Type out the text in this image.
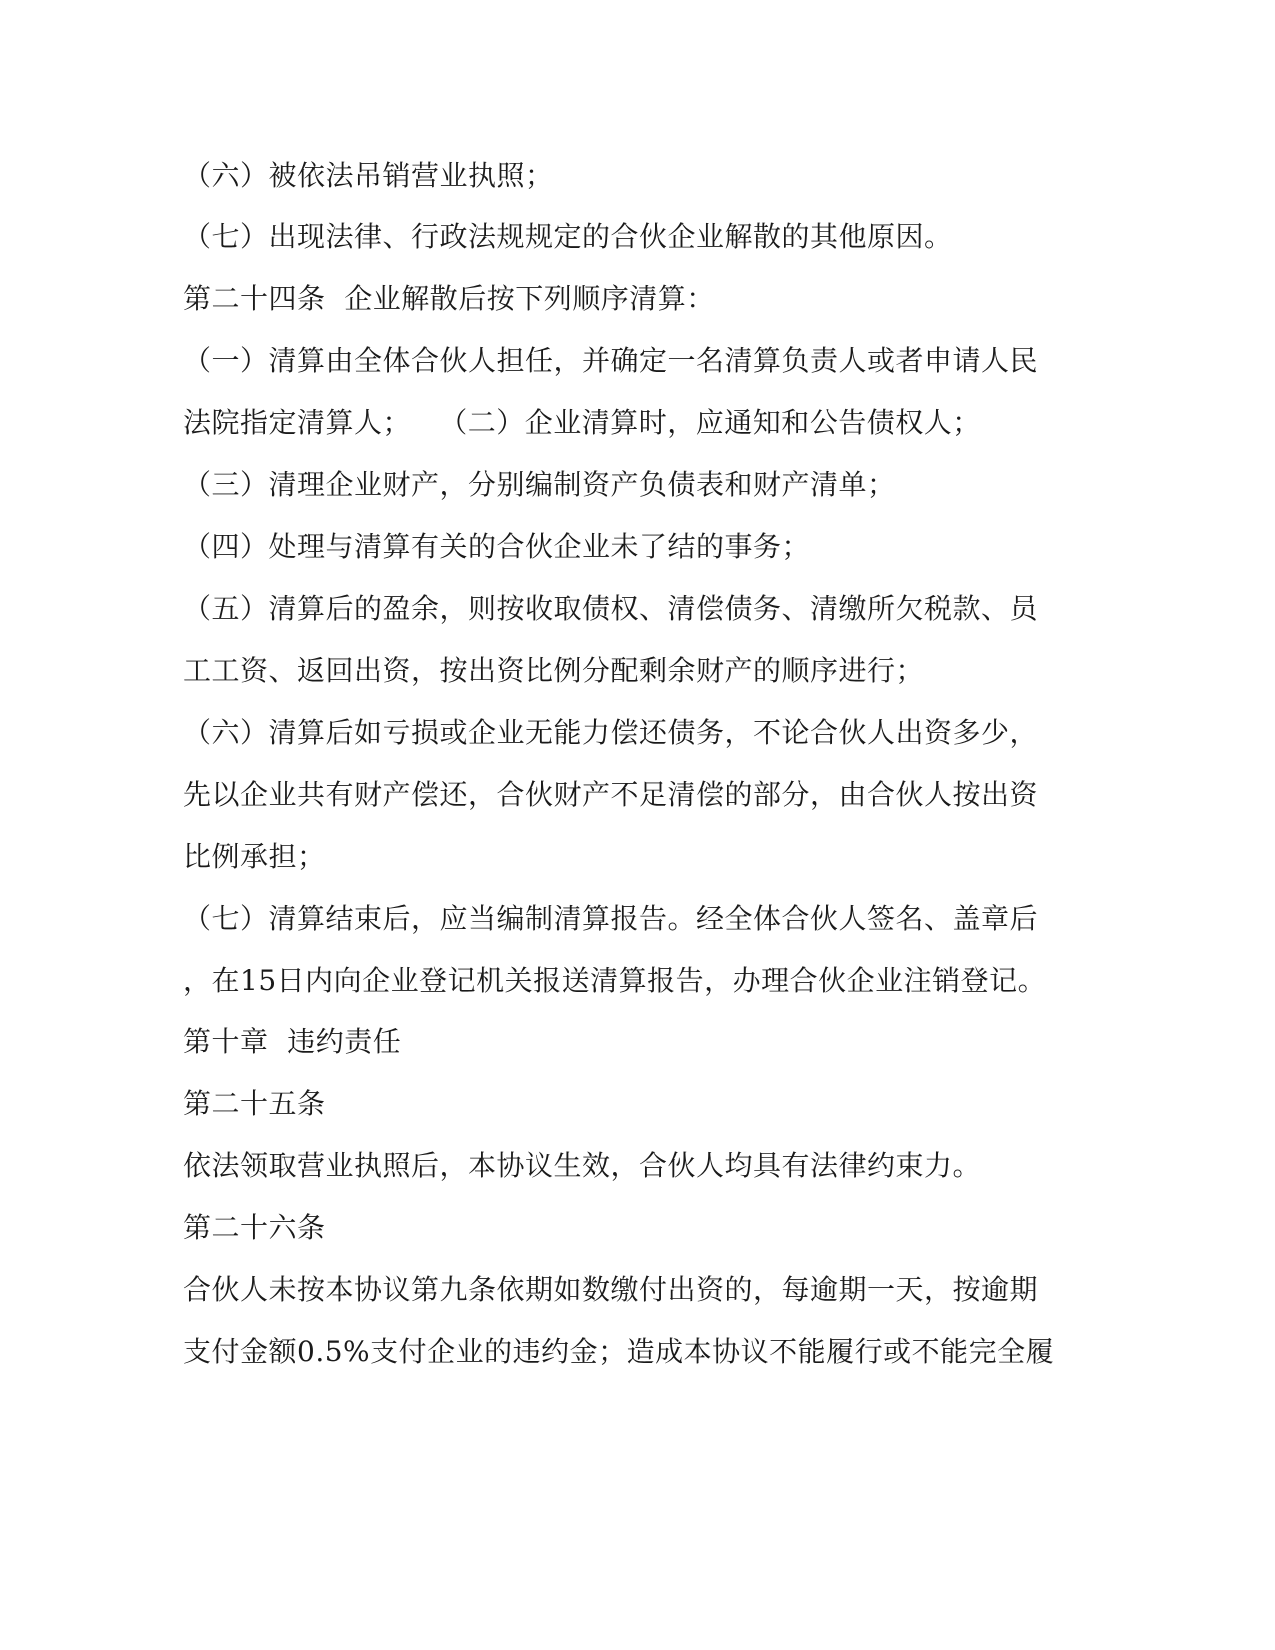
（六）被依法吊销营业执照；
（七）出现法律、行政法规规定的合伙企业解散的其他原因。
第二十四条  企业解散后按下列顺序清算：
（一）清算由全体合伙人担任，并确定一名清算负责人或者申请人民
法院指定清算人；   （二）企业清算时，应通知和公告债权人；
（三）清理企业财产，分别编制资产负债表和财产清单；
（四）处理与清算有关的合伙企业未了结的事务；
（五）清算后的盈余，则按收取债权、清偿债务、清缴所欠税款、员
工工资、返回出资，按出资比例分配剩余财产的顺序进行；
（六）清算后如亏损或企业无能力偿还债务，不论合伙人出资多少，
先以企业共有财产偿还，合伙财产不足清偿的部分，由合伙人按出资
比例承担；
（七）清算结束后，应当编制清算报告。经全体合伙人签名、盖章后
，在15日内向企业登记机关报送清算报告，办理合伙企业注销登记。
第十章  违约责任
第二十五条
依法领取营业执照后，本协议生效，合伙人均具有法律约束力。
第二十六条
合伙人未按本协议第九条依期如数缴付出资的，每逾期一天，按逾期
支付金额0.5%支付企业的违约金；造成本协议不能履行或不能完全履
